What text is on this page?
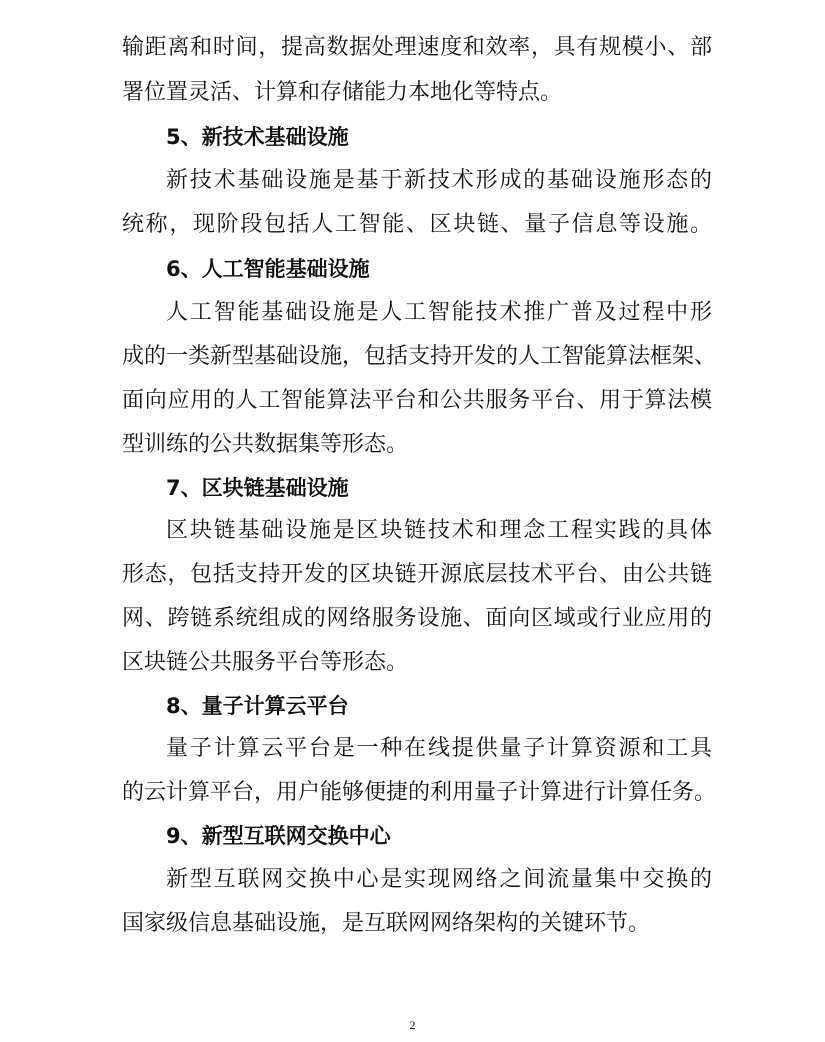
输距离和时间，提高数据处理速度和效率，具有规模小、部
署位置灵活、计算和存储能力本地化等特点。
5、新技术基础设施
新技术基础设施是基于新技术形成的基础设施形态的
统称，现阶段包括人工智能、区块链、量子信息等设施。
6、人工智能基础设施
人工智能基础设施是人工智能技术推广普及过程中形
成的一类新型基础设施，包括支持开发的人工智能算法框架、
面向应用的人工智能算法平台和公共服务平台、用于算法模
型训练的公共数据集等形态。
7、区块链基础设施
区块链基础设施是区块链技术和理念工程实践的具体
形态，包括支持开发的区块链开源底层技术平台、由公共链
网、跨链系统组成的网络服务设施、面向区域或行业应用的
区块链公共服务平台等形态。
8、量子计算云平台
量子计算云平台是一种在线提供量子计算资源和工具
的云计算平台，用户能够便捷的利用量子计算进行计算任务。
9、新型互联网交换中心
新型互联网交换中心是实现网络之间流量集中交换的
国家级信息基础设施，是互联网网络架构的关键环节。
2
